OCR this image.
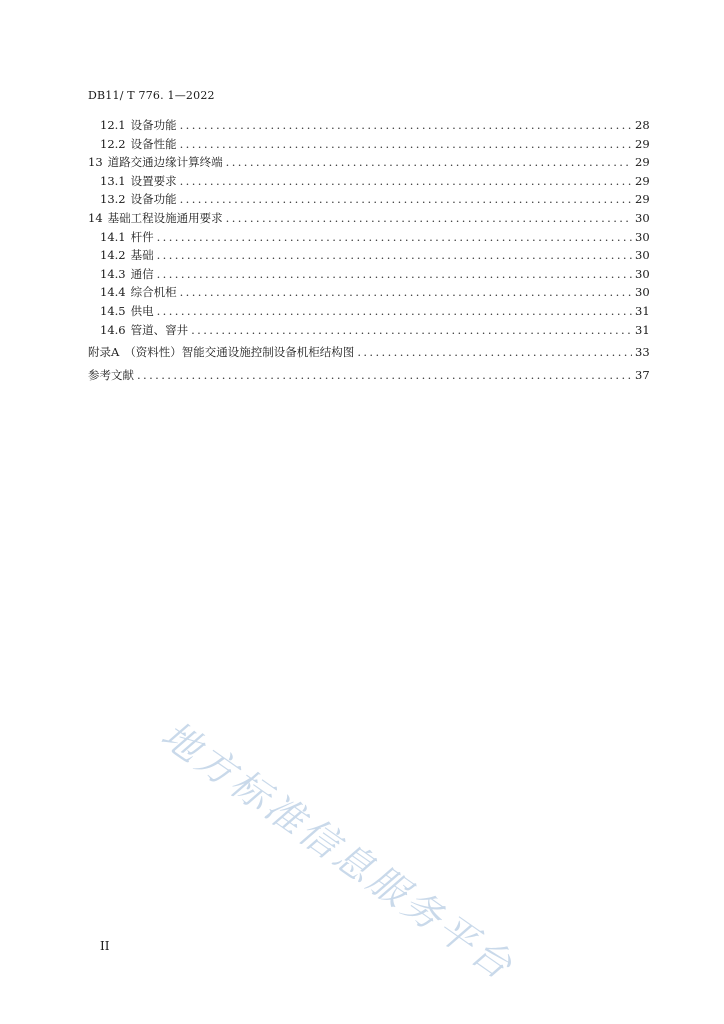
DB11/ T 776. 1—2022
12.1 设备功能 .....	28
12.2 设备性能 .....	29
13 道路交通边缘计算终端 .....	29
13.1 设置要求 .....	29
13.2 设备功能 .....	29
14 基础工程设施通用要求 .....	30
14.1 杆件 .....	30
14.2 基础 .....	30
14.3 通信 .....	30
14.4 综合机柜 .....	30
14.5 供电 .....	31
14.6 管道、窨井 .....	31
附录A （资料性）智能交通设施控制设备机柜结构图 .....	33
参考文献 .....	37
地方标准信息服务平台
II
